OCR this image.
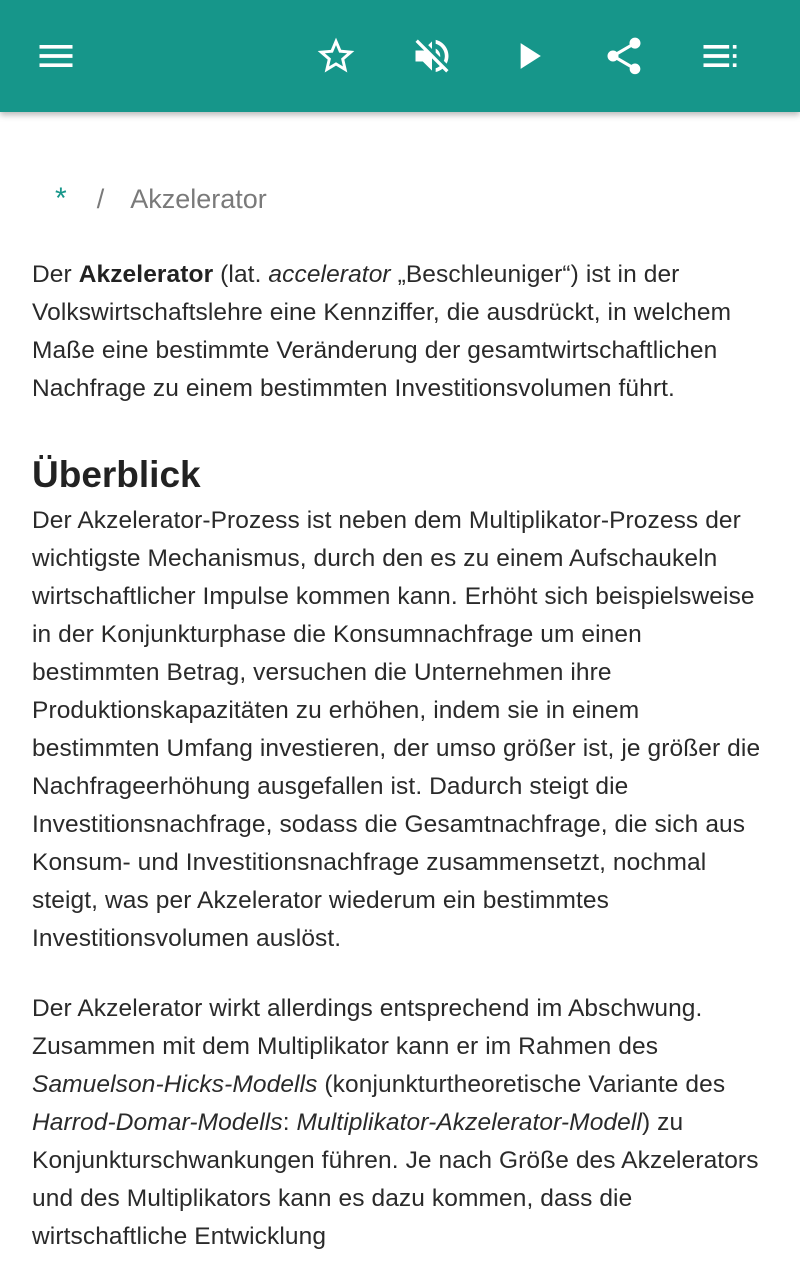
* / Akzelerator

Der Akzelerator (lat. accelerator „Beschleuniger“) ist in der Volkswirtschaftslehre eine Kennziffer, die ausdrückt, in welchem Maße eine bestimmte Veränderung der gesamtwirtschaftlichen Nachfrage zu einem bestimmten Investitionsvolumen führt.

Überblick

Der Akzelerator-Prozess ist neben dem Multiplikator-Prozess der wichtigste Mechanismus, durch den es zu einem Aufschaukeln wirtschaftlicher Impulse kommen kann. Erhöht sich beispielsweise in der Konjunkturphase die Konsumnachfrage um einen bestimmten Betrag, versuchen die Unternehmen ihre Produktionskapazitäten zu erhöhen, indem sie in einem bestimmten Umfang investieren, der umso größer ist, je größer die Nachfrageerhöhung ausgefallen ist. Dadurch steigt die Investitionsnachfrage, sodass die Gesamtnachfrage, die sich aus Konsum- und Investitionsnachfrage zusammensetzt, nochmal steigt, was per Akzelerator wiederum ein bestimmtes Investitionsvolumen auslöst.

Der Akzelerator wirkt allerdings entsprechend im Abschwung. Zusammen mit dem Multiplikator kann er im Rahmen des Samuelson-Hicks-Modells (konjunkturtheoretische Variante des Harrod-Domar-Modells: Multiplikator-Akzelerator-Modell) zu Konjunkturschwankungen führen. Je nach Größe des Akzelerators und des Multiplikators kann es dazu kommen, dass die wirtschaftliche Entwicklung
